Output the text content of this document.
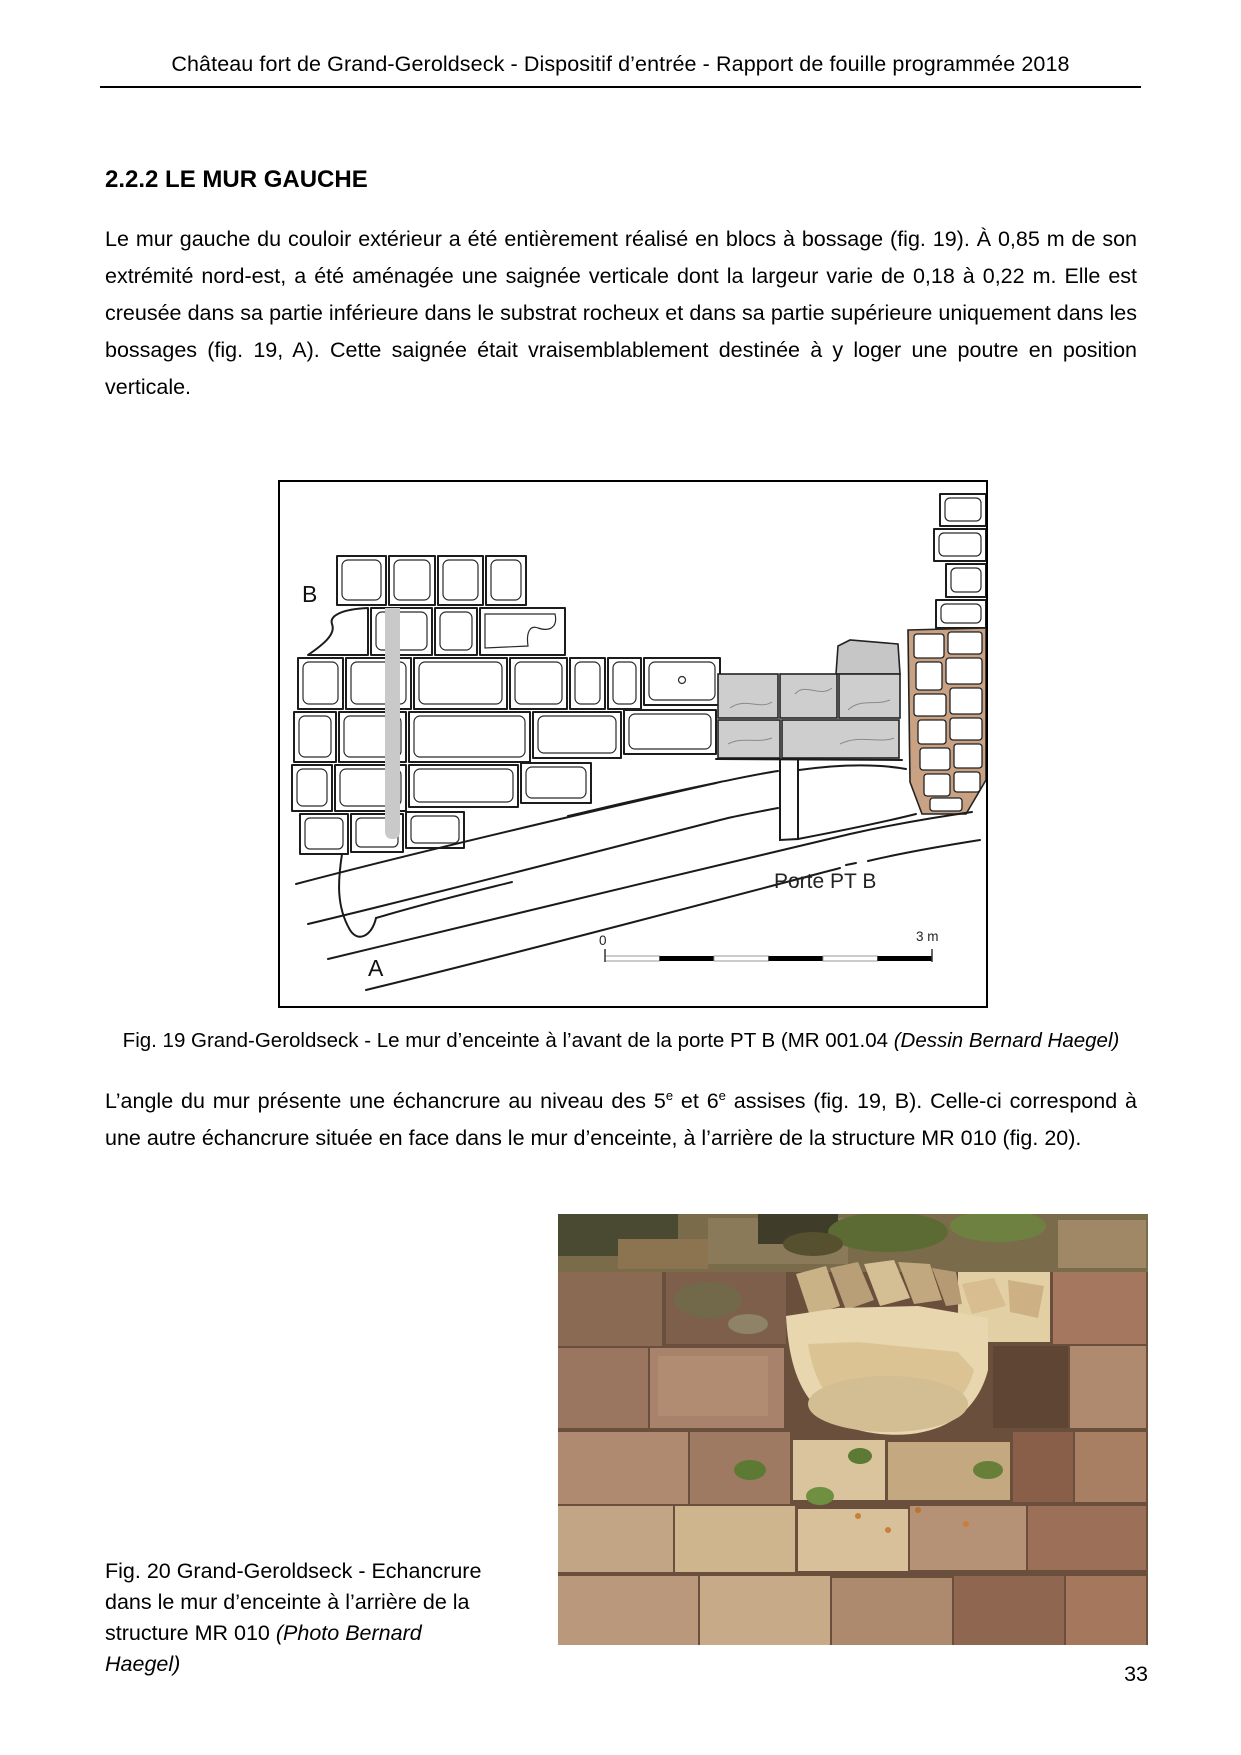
Château fort de Grand-Geroldseck - Dispositif d’entrée - Rapport de fouille programmée 2018
2.2.2 LE MUR GAUCHE
Le mur gauche du couloir extérieur a été entièrement réalisé en blocs à bossage (fig. 19). À 0,85 m de son extrémité nord-est, a été aménagée une saignée verticale dont la largeur varie de 0,18 à 0,22 m. Elle est creusée dans sa partie inférieure dans le substrat rocheux et dans sa partie supérieure uniquement dans les bossages (fig. 19, A). Cette saignée était vraisemblablement destinée à y loger une poutre en position verticale.
B
A
Porte PT B
0	3 m
Fig. 19 Grand-Geroldseck - Le mur d’enceinte à l’avant de la porte PT B (MR 001.04 (Dessin Bernard Haegel)
L’angle du mur présente une échancrure au niveau des 5e et 6e assises (fig. 19, B). Celle-ci correspond à une autre échancrure située en face dans le mur d’enceinte, à l’arrière de la structure MR 010 (fig. 20).
Fig. 20 Grand-Geroldseck - Echancrure dans le mur d’enceinte à l’arrière de la structure MR 010 (Photo Bernard Haegel)	33
